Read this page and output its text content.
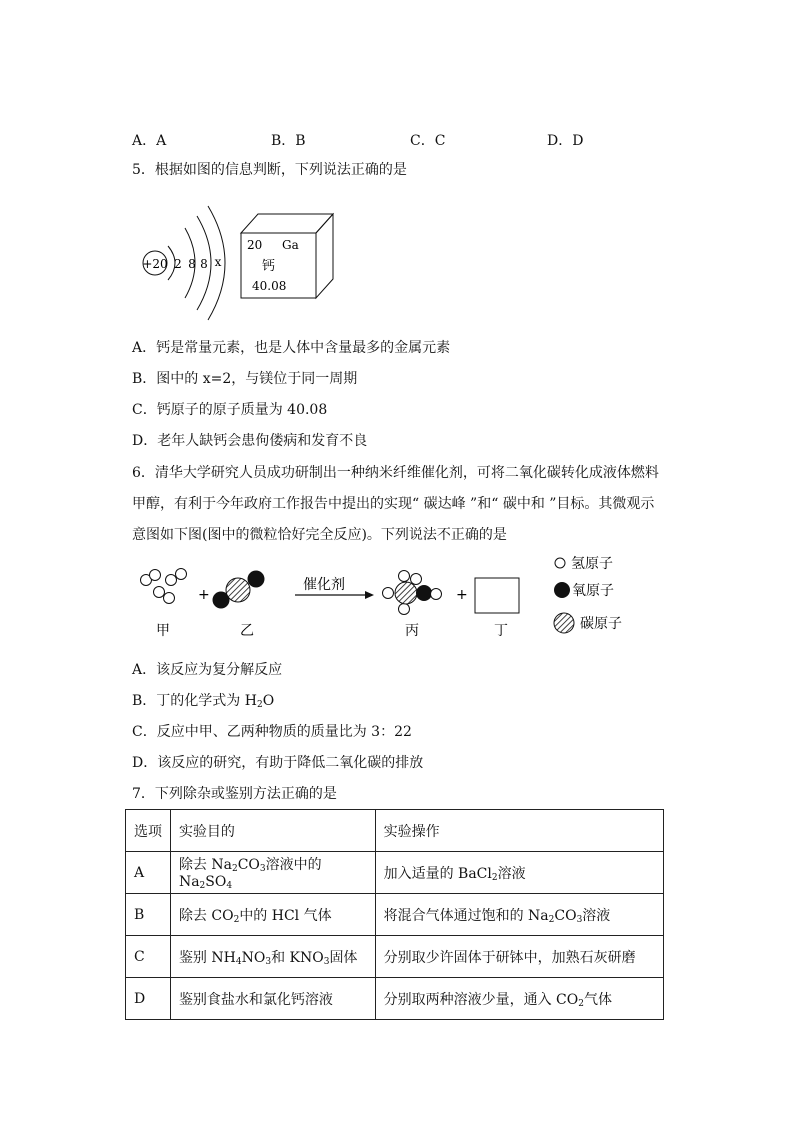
A．A	B．B	C．C	D．D
5．根据如图的信息判断，下列说法正确的是
+20 2 8 8 x
20 Ga
钙
40.08
A．钙是常量元素，也是人体中含量最多的金属元素
B．图中的 x=2，与镁位于同一周期
C．钙原子的原子质量为 40.08
D．老年人缺钙会患佝偻病和发育不良
6．清华大学研究人员成功研制出一种纳米纤维催化剂，可将二氧化碳转化成液体燃料
甲醇，有利于今年政府工作报告中提出的实现“ 碳达峰 ”和“ 碳中和 ”目标。其微观示
意图如下图(图中的微粒恰好完全反应)。下列说法不正确的是
+
催化剂
+
甲	乙	丙	丁
氢原子
氧原子
碳原子
A．该反应为复分解反应
B．丁的化学式为 $H_2O$
C．反应中甲、乙两种物质的质量比为 3：22
D．该反应的研究，有助于降低二氧化碳的排放
7．下列除杂或鉴别方法正确的是
选项	实验目的	实验操作
A	除去 $Na_2CO_3$溶液中的 $Na_2SO_4$	加入适量的 BaCl$_2$溶液
B	除去 $CO_2$中的 HCl 气体	将混合气体通过饱和的 $Na_2CO_3$溶液
C	鉴别 $NH_4NO_3$和 $KNO_3$固体	分别取少许固体于研钵中，加熟石灰研磨
D	鉴别食盐水和氯化钙溶液	分别取两种溶液少量，通入 $CO_2$气体
